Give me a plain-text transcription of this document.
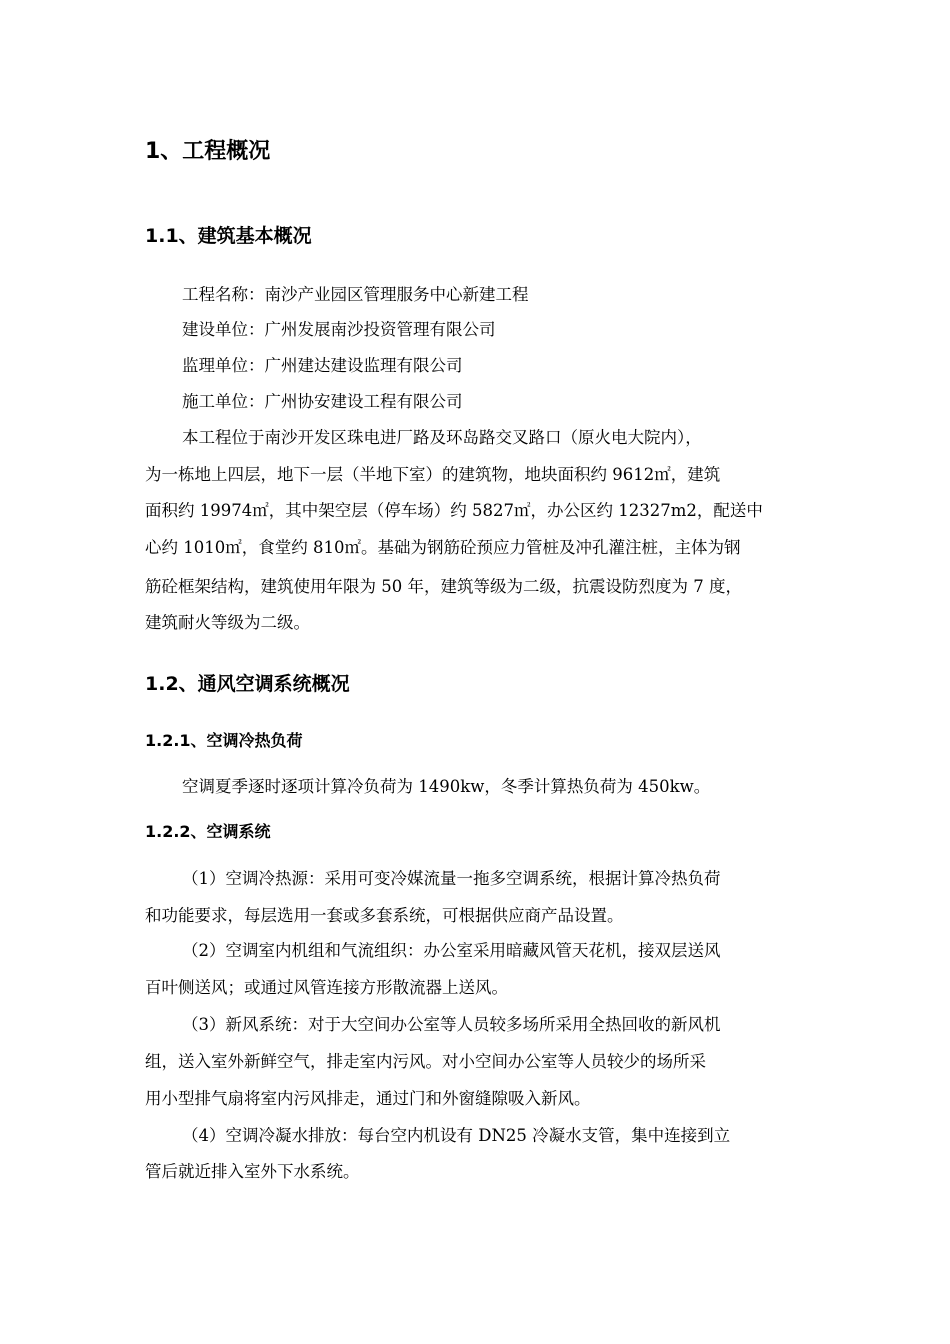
1、工程概况
1.1、建筑基本概况
工程名称：南沙产业园区管理服务中心新建工程
建设单位：广州发展南沙投资管理有限公司
监理单位：广州建达建设监理有限公司
施工单位：广州协安建设工程有限公司
本工程位于南沙开发区珠电进厂路及环岛路交叉路口（原火电大院内），
为一栋地上四层，地下一层（半地下室）的建筑物，地块面积约 9612㎡，建筑
面积约 19974㎡，其中架空层（停车场）约 5827㎡，办公区约 12327m2，配送中
心约 1010㎡，食堂约 810㎡。基础为钢筋砼预应力管桩及冲孔灌注桩，主体为钢
筋砼框架结构，建筑使用年限为 50 年，建筑等级为二级，抗震设防烈度为 7 度，
建筑耐火等级为二级。
1.2、通风空调系统概况
1.2.1、空调冷热负荷
空调夏季逐时逐项计算冷负荷为 1490kw，冬季计算热负荷为 450kw。
1.2.2、空调系统
（1）空调冷热源：采用可变冷媒流量一拖多空调系统，根据计算冷热负荷
和功能要求，每层选用一套或多套系统，可根据供应商产品设置。
（2）空调室内机组和气流组织：办公室采用暗藏风管天花机，接双层送风
百叶侧送风；或通过风管连接方形散流器上送风。
（3）新风系统：对于大空间办公室等人员较多场所采用全热回收的新风机
组，送入室外新鲜空气，排走室内污风。对小空间办公室等人员较少的场所采
用小型排气扇将室内污风排走，通过门和外窗缝隙吸入新风。
（4）空调冷凝水排放：每台空内机设有 DN25 冷凝水支管，集中连接到立
管后就近排入室外下水系统。
